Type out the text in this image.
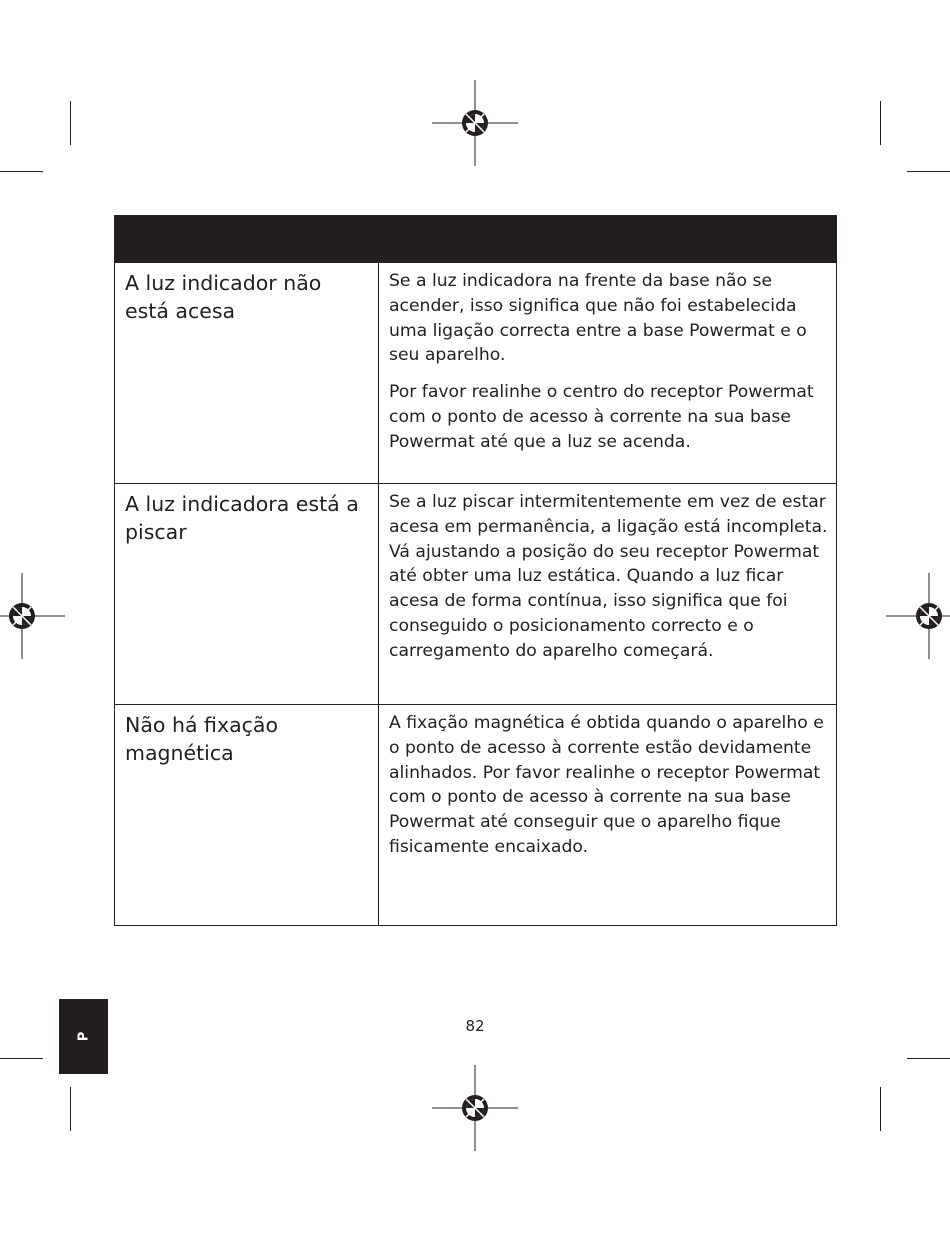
A luz indicador não está acesa	Se a luz indicadora na frente da base não se acender, isso significa que não foi estabelecida uma ligação correcta entre a base Powermat e o seu aparelho.

Por favor realinhe o centro do receptor Powermat com o ponto de acesso à corrente na sua base Powermat até que a luz se acenda.

A luz indicadora está a piscar	Se a luz piscar intermitentemente em vez de estar acesa em permanência, a ligação está incompleta. Vá ajustando a posição do seu receptor Powermat até obter uma luz estática. Quando a luz ficar acesa de forma contínua, isso significa que foi conseguido o posicionamento correcto e o carregamento do aparelho começará.

Não há fixação magnética	A fixação magnética é obtida quando o aparelho e o ponto de acesso à corrente estão devidamente alinhados. Por favor realinhe o receptor Powermat com o ponto de acesso à corrente na sua base Powermat até conseguir que o aparelho fique fisicamente encaixado.

P
82
